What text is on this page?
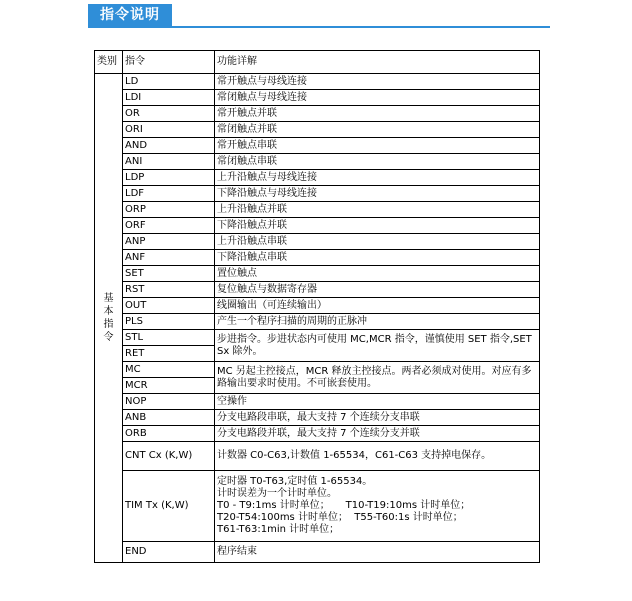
指令说明
类别	指令	功能详解

基本指令	LD	常开触点与母线连接
	LDI	常闭触点与母线连接
	OR	常开触点并联
	ORI	常闭触点并联
	AND	常开触点串联
	ANI	常闭触点串联
	LDP	上升沿触点与母线连接
	LDF	下降沿触点与母线连接
	ORP	上升沿触点并联
	ORF	下降沿触点并联
	ANP	上升沿触点串联
	ANF	下降沿触点串联
	SET	置位触点
	RST	复位触点与数据寄存器
	OUT	线圈输出（可连续输出）
	PLS	产生一个程序扫描的周期的正脉冲
	STL	步进指令。步进状态内可使用 MC,MCR 指令，谨慎使用 SET 指令,SET Sx 除外。
	RET	
	MC	MC 另起主控接点，MCR 释放主控接点。两者必须成对使用。对应有多路输出要求时使用。不可嵌套使用。
	MCR	
	NOP	空操作
	ANB	分支电路段串联，最大支持 7 个连续分支串联
	ORB	分支电路段并联，最大支持 7 个连续分支并联
	CNT Cx (K,W)	计数器 C0-C63,计数值 1-65534，C61-C63 支持掉电保存。
	TIM Tx (K,W)	定时器 T0-T63,定时值 1-65534。
计时误差为一个计时单位。
T0 - T9:1ms 计时单位；     T10-T19:10ms 计时单位；
T20-T54:100ms 计时单位；  T55-T60:1s 计时单位；
T61-T63:1min 计时单位；

	END	程序结束
